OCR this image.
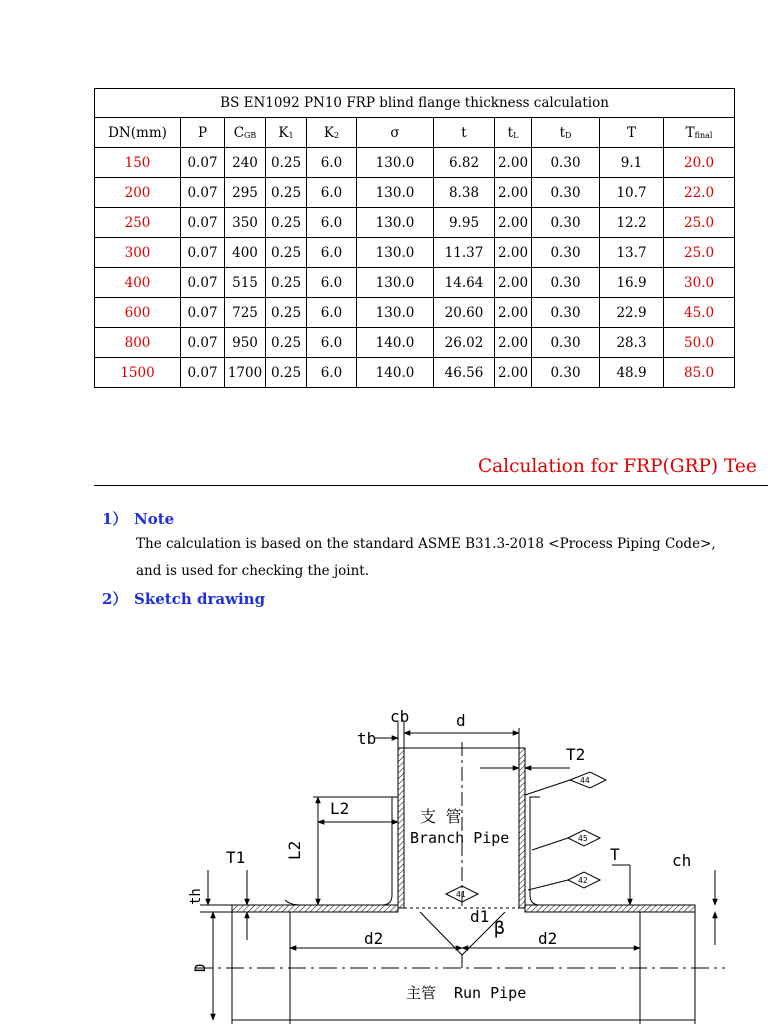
BS EN1092 PN10 FRP blind flange thickness calculation										
DN(mm)	P	$C_{GB}$	$K_1$	$K_2$	σ	t	$t_L$	$t_D$	T	$T_{final}$
150	0.07	240	0.25	6.0	130.0	6.82	2.00	0.30	9.1	20.0
200	0.07	295	0.25	6.0	130.0	8.38	2.00	0.30	10.7	22.0
250	0.07	350	0.25	6.0	130.0	9.95	2.00	0.30	12.2	25.0
300	0.07	400	0.25	6.0	130.0	11.37	2.00	0.30	13.7	25.0
400	0.07	515	0.25	6.0	130.0	14.64	2.00	0.30	16.9	30.0
600	0.07	725	0.25	6.0	130.0	20.60	2.00	0.30	22.9	45.0
800	0.07	950	0.25	6.0	140.0	26.02	2.00	0.30	28.3	50.0
1500	0.07	1700	0.25	6.0	140.0	46.56	2.00	0.30	48.9	85.0
Calculation for FRP(GRP) Tee
1） Note
The calculation is based on the standard ASME B31.3-2018 <Process Piping Code>,
and is used for checking the joint.
2） Sketch drawing
cb	d
tb
T2
L2
L2
支 管
Branch Pipe
T
T1	ch
th
D
d1
β
d2	d2
主管 Run Pipe
44
45
42
41
